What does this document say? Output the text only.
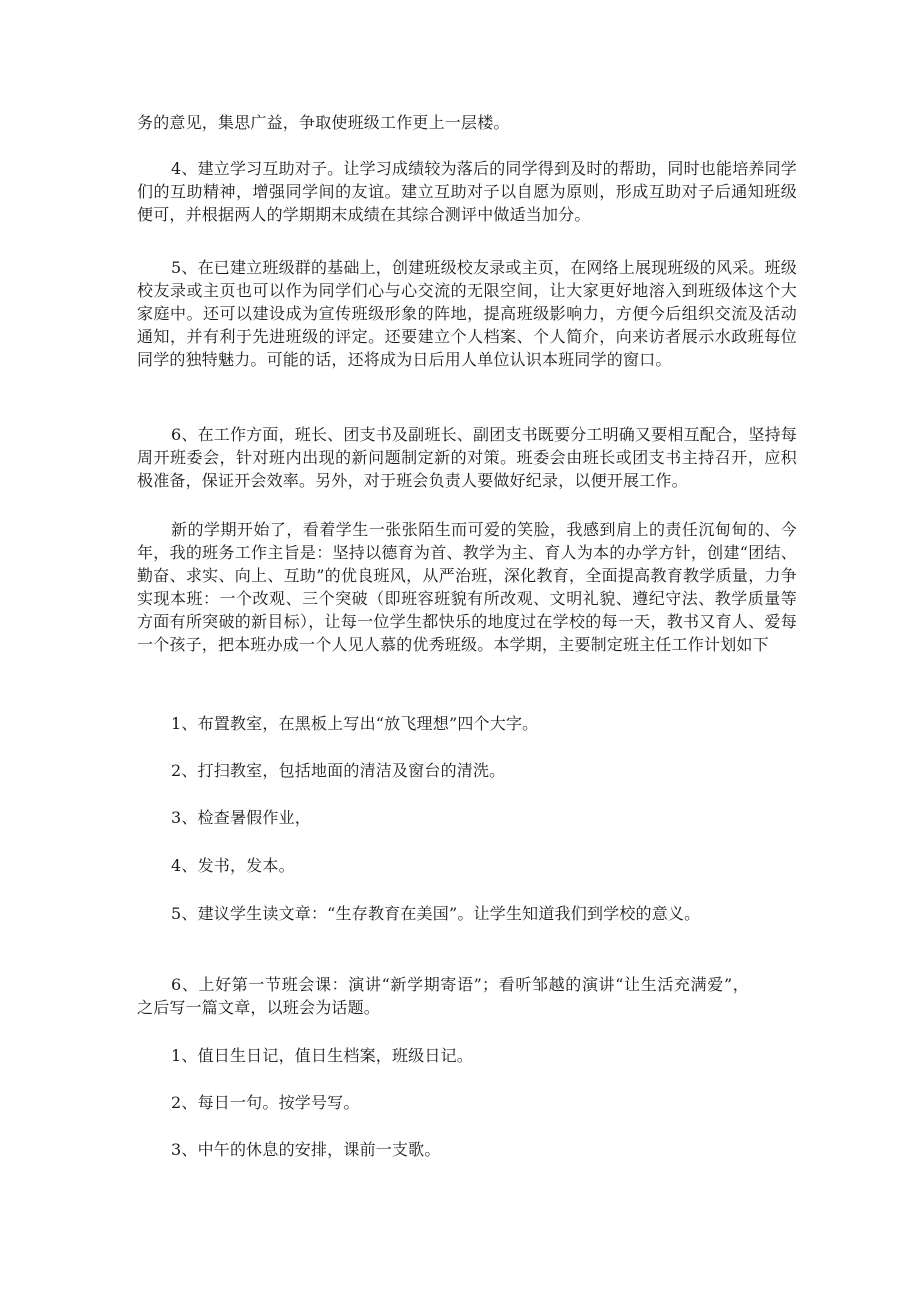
务的意见，集思广益，争取使班级工作更上一层楼。

4、建立学习互助对子。让学习成绩较为落后的同学得到及时的帮助，同时也能培养同学们的互助精神，增强同学间的友谊。建立互助对子以自愿为原则，形成互助对子后通知班级便可，并根据两人的学期期末成绩在其综合测评中做适当加分。

5、在已建立班级群的基础上，创建班级校友录或主页，在网络上展现班级的风采。班级校友录或主页也可以作为同学们心与心交流的无限空间，让大家更好地溶入到班级体这个大家庭中。还可以建设成为宣传班级形象的阵地，提高班级影响力，方便今后组织交流及活动通知，并有利于先进班级的评定。还要建立个人档案、个人简介，向来访者展示水政班每位同学的独特魅力。可能的话，还将成为日后用人单位认识本班同学的窗口。

6、在工作方面，班长、团支书及副班长、副团支书既要分工明确又要相互配合，坚持每周开班委会，针对班内出现的新问题制定新的对策。班委会由班长或团支书主持召开，应积极准备，保证开会效率。另外，对于班会负责人要做好纪录，以便开展工作。

新的学期开始了，看着学生一张张陌生而可爱的笑脸，我感到肩上的责任沉甸甸的、今年，我的班务工作主旨是：坚持以德育为首、教学为主、育人为本的办学方针，创建“团结、勤奋、求实、向上、互助”的优良班风，从严治班，深化教育，全面提高教育教学质量，力争实现本班：一个改观、三个突破（即班容班貌有所改观、文明礼貌、遵纪守法、教学质量等方面有所突破的新目标），让每一位学生都快乐的地度过在学校的每一天，教书又育人、爱每一个孩子，把本班办成一个人见人慕的优秀班级。本学期，主要制定班主任工作计划如下

1、布置教室，在黑板上写出“放飞理想”四个大字。

2、打扫教室，包括地面的清洁及窗台的清洗。

3、检查暑假作业，

4、发书，发本。

5、建议学生读文章：“生存教育在美国”。让学生知道我们到学校的意义。

6、上好第一节班会课：演讲“新学期寄语”；看听邹越的演讲“让生活充满爱”，之后写一篇文章，以班会为话题。

1、值日生日记，值日生档案，班级日记。

2、每日一句。按学号写。

3、中午的休息的安排，课前一支歌。
